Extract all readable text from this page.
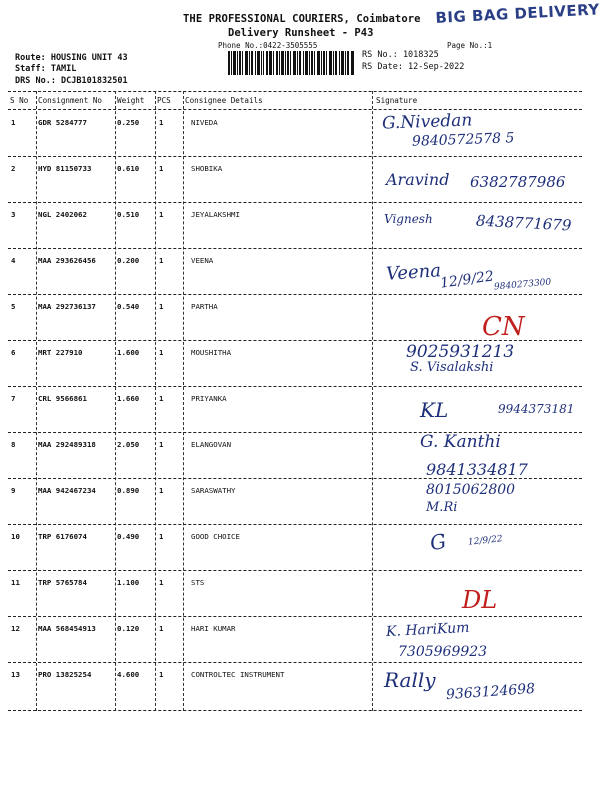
THE PROFESSIONAL COURIERS, Coimbatore
Delivery Runsheet - P43
Phone No.:0422-3505555
BIG BAG DELIVERY
Page No.:1
Route: HOUSING UNIT 43
Staff: TAMIL
DRS No.: DCJB101832501
RS No.: 1018325
RS Date: 12-Sep-2022
S No Consignment No Weight PCS Consignee Details	Signature
1	GDR 5284777	0.250	1	NIVEDA	G.Nivedan
9840572578 5
2	HYD 81150733	0.610	1	SHOBIKA
Aravind 6382787986
3	NGL 2402062	0.510	1	JEYALAKSHMI	Vignesh	8438771679
4	MAA 293626456	0.200	1	VEENA	Veena
12/9/22
9840273300
5	MAA 292736137	0.540	1	PARTHA
CN
6	MRT 227910	1.600	1	MOUSHITHA	9025931213
S. Visalakshi
7	CRL 9566861	1.660	1	PRIYANKA	KL	9944373181
8	MAA 292489318	2.050	1	ELANGOVAN	G. Kanthi
9841334817
9	MAA 942467234	0.890	1	SARASWATHY	8015062800
M.Ri
10 TRP 6176074	0.490	1	GOOD CHOICE	G 12/9/22
11 TRP 5765784	1.100	1	STS
DL
12 MAA 568454913	0.120	1	HARI KUMAR	K. HariKum
7305969923
13 PRO 13825254	4.600	1	CONTROLTEC INSTRUMENT	Rally 9363124698
